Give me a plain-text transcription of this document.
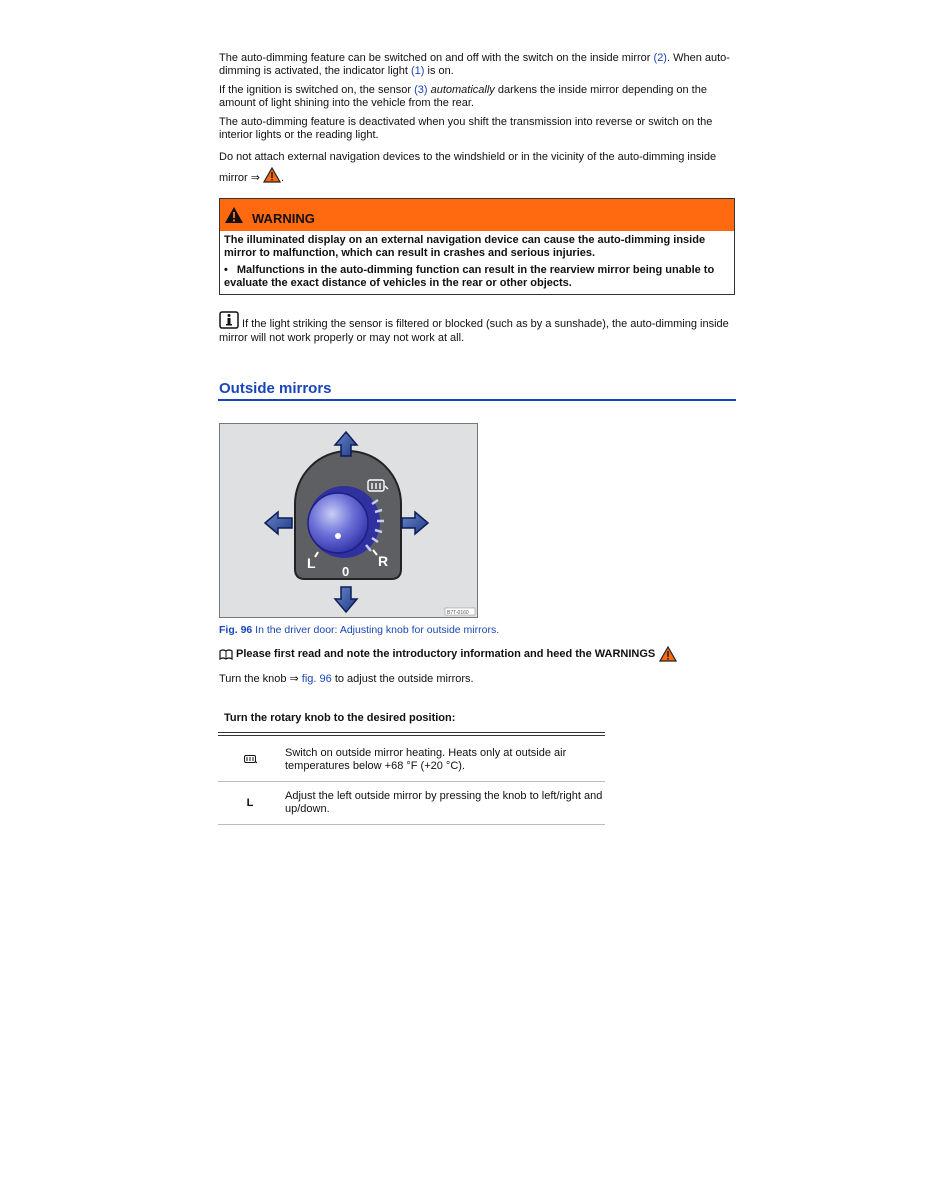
The auto-dimming feature can be switched on and off with the switch on the inside mirror (2). When auto-dimming is activated, the indicator light (1) is on.

If the ignition is switched on, the sensor (3) automatically darkens the inside mirror depending on the amount of light shining into the vehicle from the rear.

The auto-dimming feature is deactivated when you shift the transmission into reverse or switch on the interior lights or the reading light.

Do not attach external navigation devices to the windshield or in the vicinity of the auto-dimming inside mirror ⇒ .

WARNING

The illuminated display on an external navigation device can cause the auto-dimming inside mirror to malfunction, which can result in crashes and serious injuries.

• Malfunctions in the auto-dimming function can result in the rearview mirror being unable to evaluate the exact distance of vehicles in the rear or other objects.

If the light striking the sensor is filtered or blocked (such as by a sunshade), the auto-dimming inside mirror will not work properly or may not work at all.

Outside mirrors
L
0
R
B7T-0160
Fig. 96 In the driver door: Adjusting knob for outside mirrors.
Please first read and note the introductory information and heed the WARNINGS
Turn the knob ⇒ fig. 96 to adjust the outside mirrors.
Turn the rotary knob to the desired position:
Switch on outside mirror heating. Heats only at outside air temperatures below +68 °F (+20 °C).
L
Adjust the left outside mirror by pressing the knob to left/right and up/down.
